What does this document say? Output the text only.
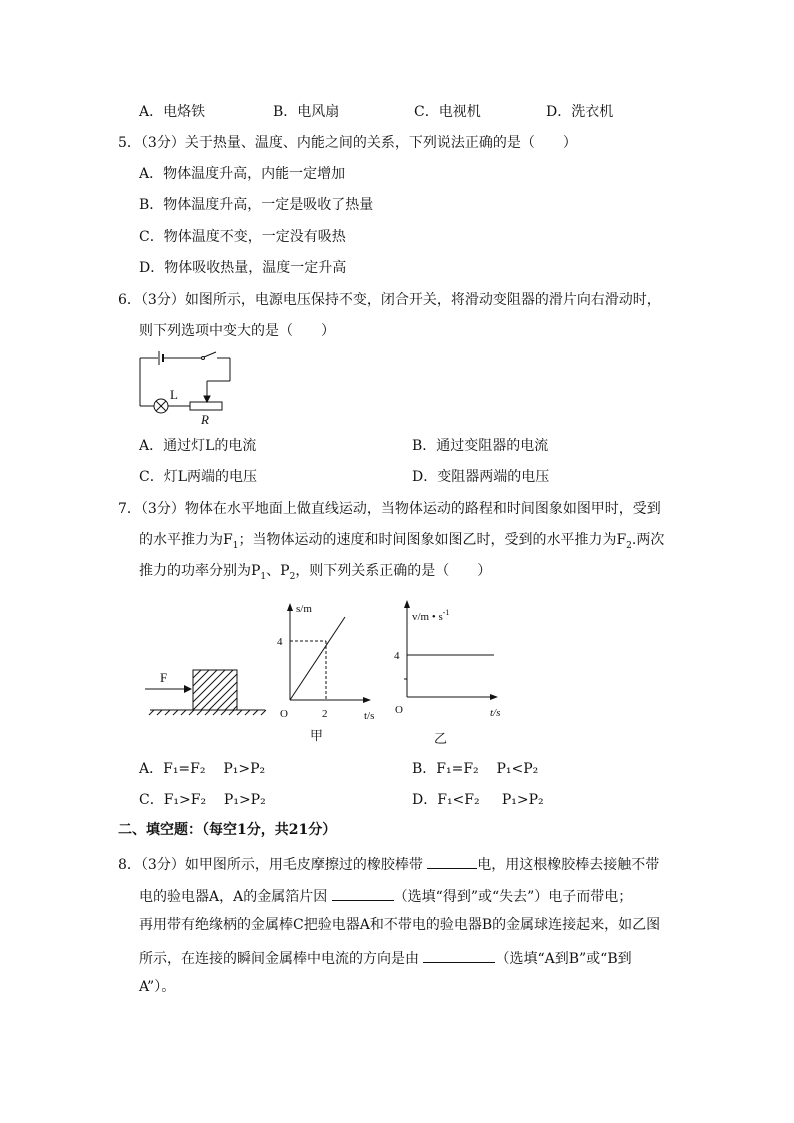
A．电烙铁	B．电风扇	C．电视机	D．洗衣机
5．（3分）关于热量、温度、内能之间的关系，下列说法正确的是（　　）
A．物体温度升高，内能一定增加
B．物体温度升高，一定是吸收了热量
C．物体温度不变，一定没有吸热
D．物体吸收热量，温度一定升高
6．（3分）如图所示，电源电压保持不变，闭合开关，将滑动变阻器的滑片向右滑动时，
则下列选项中变大的是（　　）
L
R
A．通过灯L的电流	B．通过变阻器的电流
C．灯L两端的电压	D．变阻器两端的电压
7．（3分）物体在水平地面上做直线运动，当物体运动的路程和时间图象如图甲时，受到
的水平推力为$F_1$；当物体运动的速度和时间图象如图乙时，受到的水平推力为$F_2$.两次
推力的功率分别为$P_1$、$P_2$，则下列关系正确的是（　　）
F
s/m
4
O	2	t/s
甲
v/m • $s^{-1}$
4
O	t/s
乙
A．F₁=F₂ P₁>P₂	B．F₁=F₂ P₁<P₂
C．F₁>F₂ P₁>P₂	D．F₁<F₂ P₁>P₂
二、填空题：（每空1分，共21分）
8．（3分）如甲图所示，用毛皮摩擦过的橡胶棒带	电，用这根橡胶棒去接触不带
电的验电器A，A的金属箔片因	（选填“得到”或“失去”）电子而带电；
再用带有绝缘柄的金属棒C把验电器A和不带电的验电器B的金属球连接起来，如乙图
所示，在连接的瞬间金属棒中电流的方向是由	（选填“A到B”或“B到
A”）。
